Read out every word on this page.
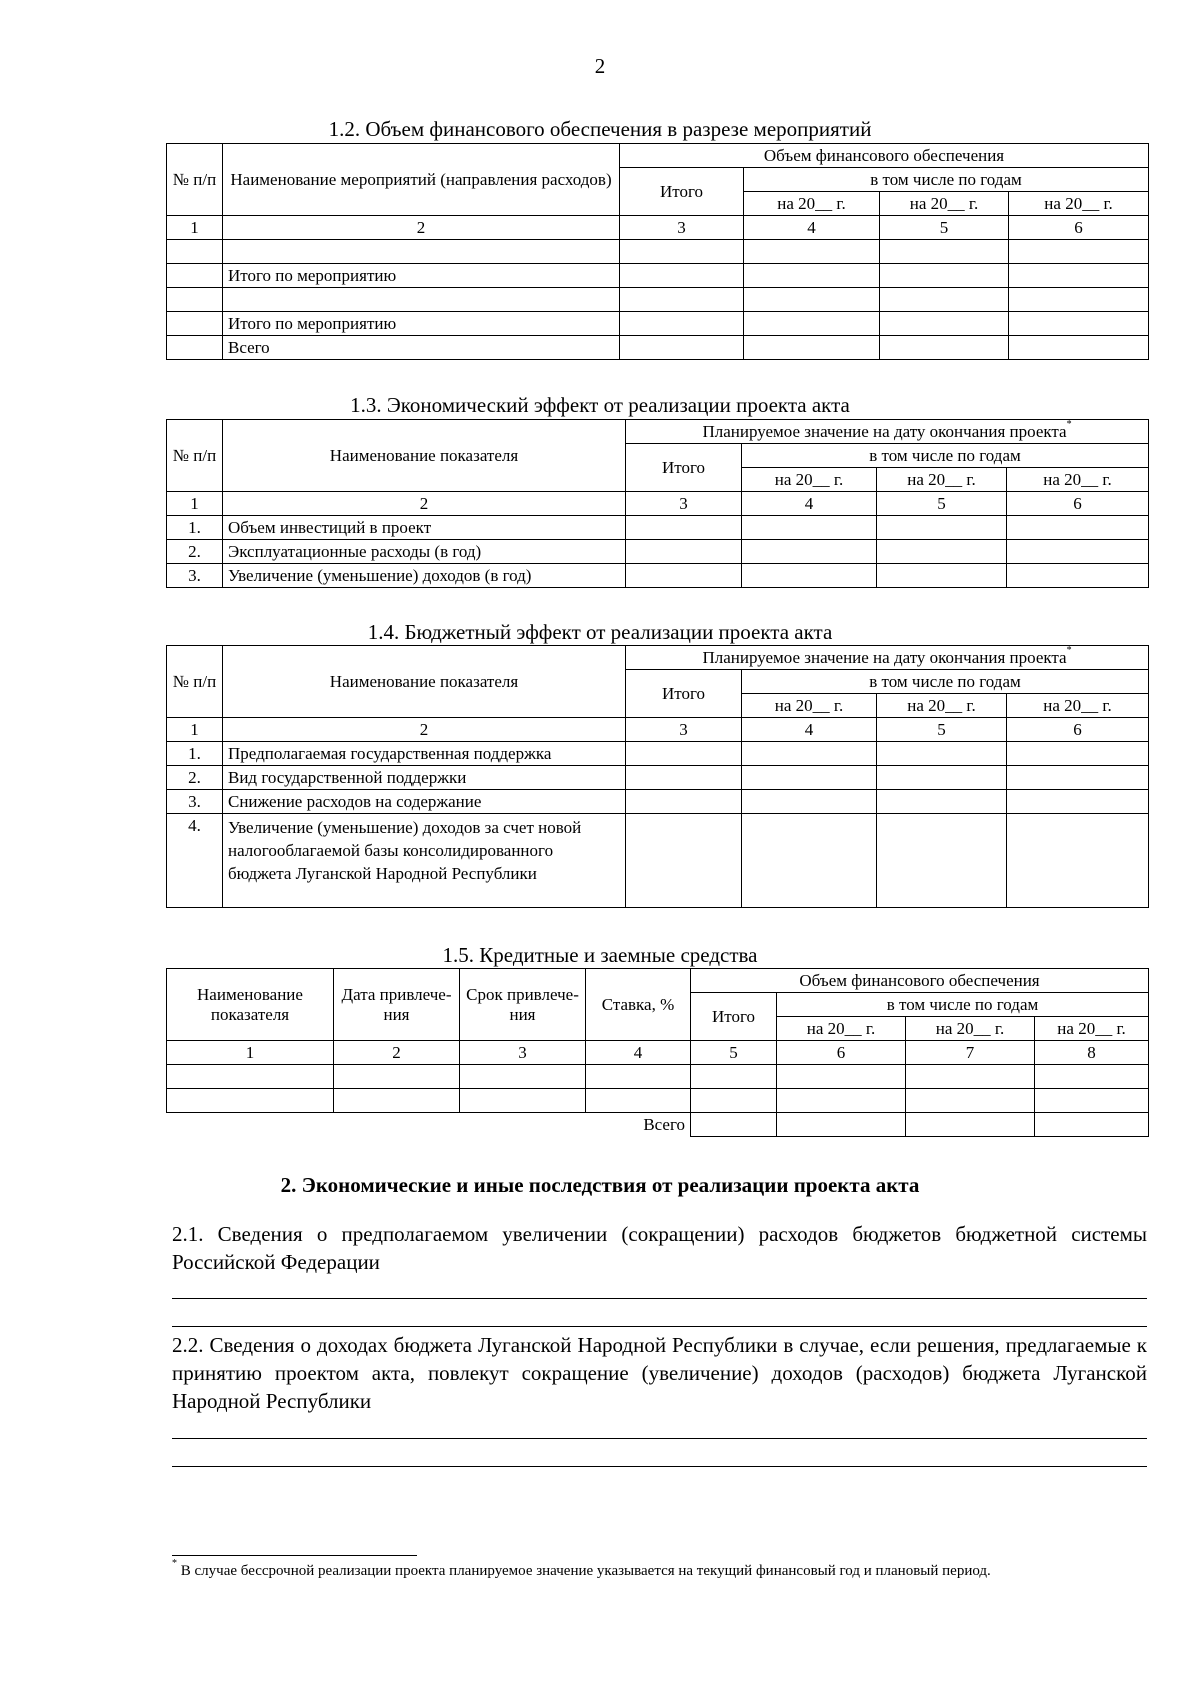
2
1.2. Объем финансового обеспечения в разрезе мероприятий
№ п/п	Наименование мероприятий (направления расходов)	Объем финансового обеспечения			
		Итого	в том числе по годам		
			на 20__ г.	на 20__ г.	на 20__ г.
1	2	3	4	5	6

	Итого по мероприятию				

	Итого по мероприятию				
	Всего				
1.3. Экономический эффект от реализации проекта акта
№ п/п	Наименование показателя	Планируемое значение на дату окончания проекта*
		Итого	в том числе по годам		
			на 20__ г.	на 20__ г.	на 20__ г.
1	2	3	4	5	6
1.	Объем инвестиций в проект				
2.	Эксплуатационные расходы (в год)				
3.	Увеличение (уменьшение) доходов (в год)				
1.4. Бюджетный эффект от реализации проекта акта
№ п/п	Наименование показателя	Планируемое значение на дату окончания проекта*
		Итого	в том числе по годам		
			на 20__ г.	на 20__ г.	на 20__ г.
1	2	3	4	5	6
1.	Предполагаемая государственная поддержка				
2.	Вид государственной поддержки				
3.	Снижение расходов на содержание				
4.	Увеличение (уменьшение) доходов за счет новой налогооблагаемой базы консолидированного бюджета Луганской Народной Республики				
1.5. Кредитные и заемные средства
Наименование показателя	Дата привлече-ния	Срок привлече-ния	Ставка, %	Объем финансового обеспечения			
				Итого	в том числе по годам		
					на 20__ г.	на 20__ г.	на 20__ г.
1	2	3	4	5	6	7	8

Всего							
2. Экономические и иные последствия от реализации проекта акта
2.1. Сведения о предполагаемом увеличении (сокращении) расходов бюджетов бюджетной системы Российской Федерации
2.2. Сведения о доходах бюджета Луганской Народной Республики в случае, если решения, предлагаемые к принятию проектом акта, повлекут сокращение (увеличение) доходов (расходов) бюджета Луганской Народной Республики
* В случае бессрочной реализации проекта планируемое значение указывается на текущий финансовый год и плановый период.
